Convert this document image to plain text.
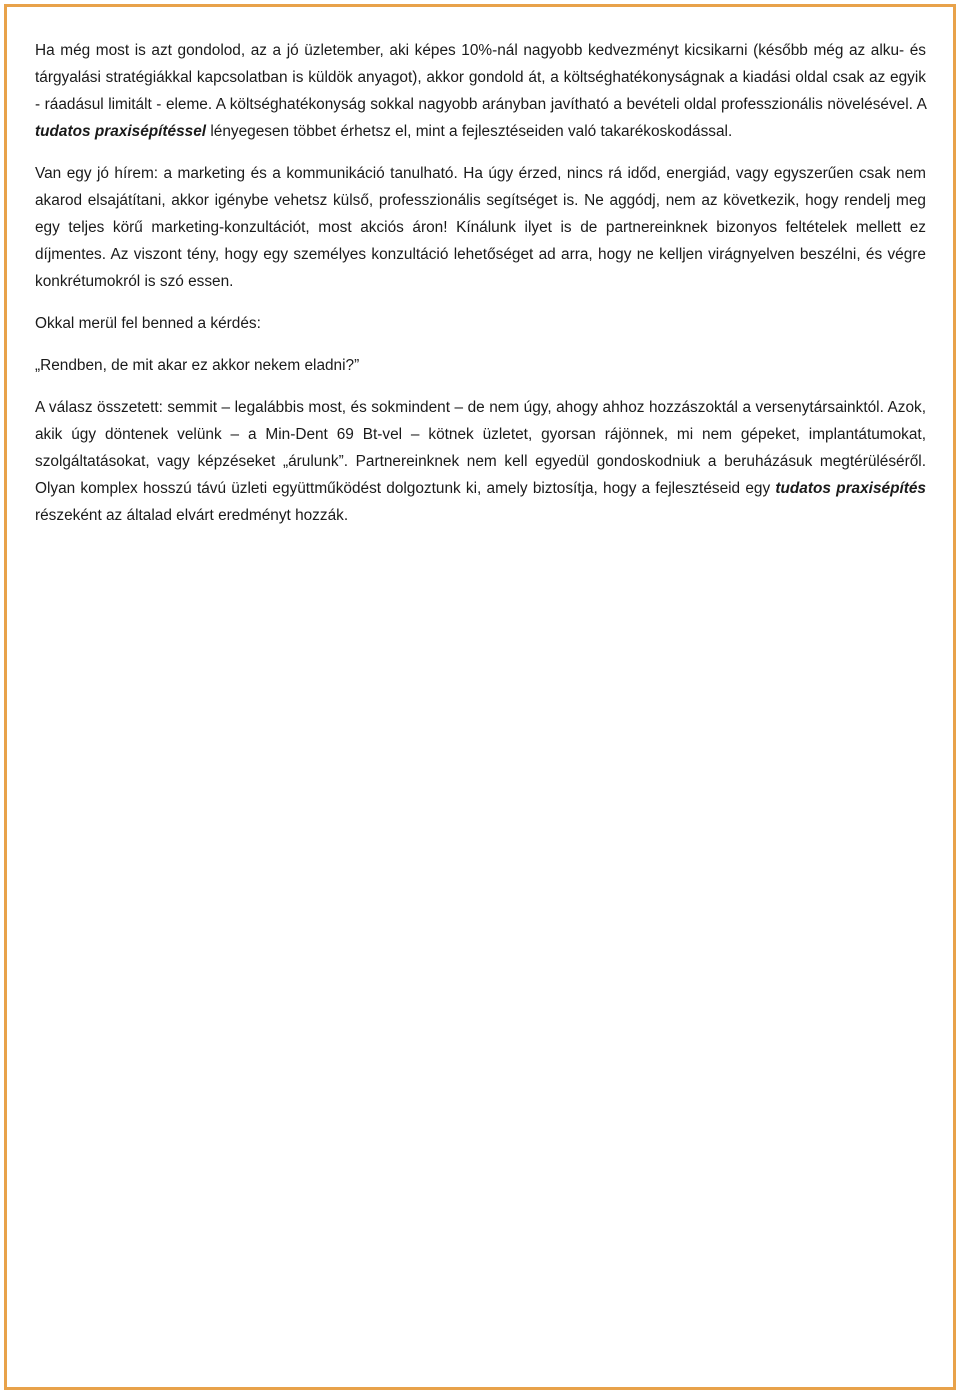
Ha még most is azt gondolod, az a jó üzletember, aki képes 10%-nál nagyobb kedvezményt kicsikarni (később még az alku- és tárgyalási stratégiákkal kapcsolatban is küldök anyagot), akkor gondold át, a költséghatékonyságnak a kiadási oldal csak az egyik - ráadásul limitált - eleme. A költséghatékonyság sokkal nagyobb arányban javítható a bevételi oldal professzionális növelésével. A tudatos praxisépítéssel lényegesen többet érhetsz el, mint a fejlesztéseiden való takarékoskodással.

Van egy jó hírem: a marketing és a kommunikáció tanulható. Ha úgy érzed, nincs rá időd, energiád, vagy egyszerűen csak nem akarod elsajátítani, akkor igénybe vehetsz külső, professzionális segítséget is. Ne aggódj, nem az következik, hogy rendelj meg egy teljes körű marketing-konzultációt, most akciós áron! Kínálunk ilyet is de partnereinknek bizonyos feltételek mellett ez díjmentes. Az viszont tény, hogy egy személyes konzultáció lehetőséget ad arra, hogy ne kelljen virágnyelven beszélni, és végre konkrétumokról is szó essen.

Okkal merül fel benned a kérdés:

„Rendben, de mit akar ez akkor nekem eladni?”

A válasz összetett: semmit – legalábbis most, és sokmindent – de nem úgy, ahogy ahhoz hozzászoktál a versenytársainktól. Azok, akik úgy döntenek velünk – a Min-Dent 69 Bt-vel – kötnek üzletet, gyorsan rájönnek, mi nem gépeket, implantátumokat, szolgáltatásokat, vagy képzéseket „árulunk”. Partnereinknek nem kell egyedül gondoskodniuk a beruházásuk megtérüléséről. Olyan komplex hosszú távú üzleti együttműködést dolgoztunk ki, amely biztosítja, hogy a fejlesztéseid egy tudatos praxisépítés részeként az általad elvárt eredményt hozzák.
